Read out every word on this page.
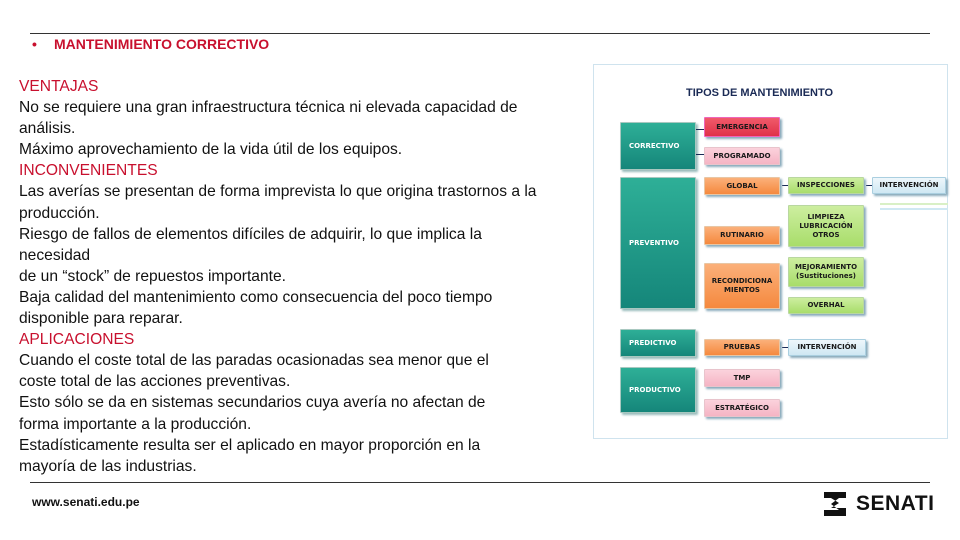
•	MANTENIMIENTO CORRECTIVO
VENTAJAS
No se requiere una gran infraestructura técnica ni elevada capacidad de
análisis.
Máximo aprovechamiento de la vida útil de los equipos.
INCONVENIENTES
Las averías se presentan de forma imprevista lo que origina trastornos a la
producción.
Riesgo de fallos de elementos difíciles de adquirir, lo que implica la
necesidad
de un “stock” de repuestos importante.
Baja calidad del mantenimiento como consecuencia del poco tiempo
disponible para reparar.
APLICACIONES
Cuando el coste total de las paradas ocasionadas sea menor que el
coste total de las acciones preventivas.
Esto sólo se da en sistemas secundarios cuya avería no afectan de
forma importante a la producción.
Estadísticamente resulta ser el aplicado en mayor proporción en la
mayoría de las industrias.
TIPOS DE MANTENIMIENTO
CORRECTIVO
PREVENTIVO
PREDICTIVO
PRODUCTIVO
EMERGENCIA
PROGRAMADO
GLOBAL	INSPECCIONES	INTERVENCIÓN
LIMPIEZA
LUBRICACIÓN
OTROS
RUTINARIO
MEJORAMIENTO
(Sustituciones)
RECONDICIONA
MIENTOS
OVERHAL
PRUEBAS	INTERVENCIÓN
TMP
ESTRATÉGICO
www.senati.edu.pe	SENATI
